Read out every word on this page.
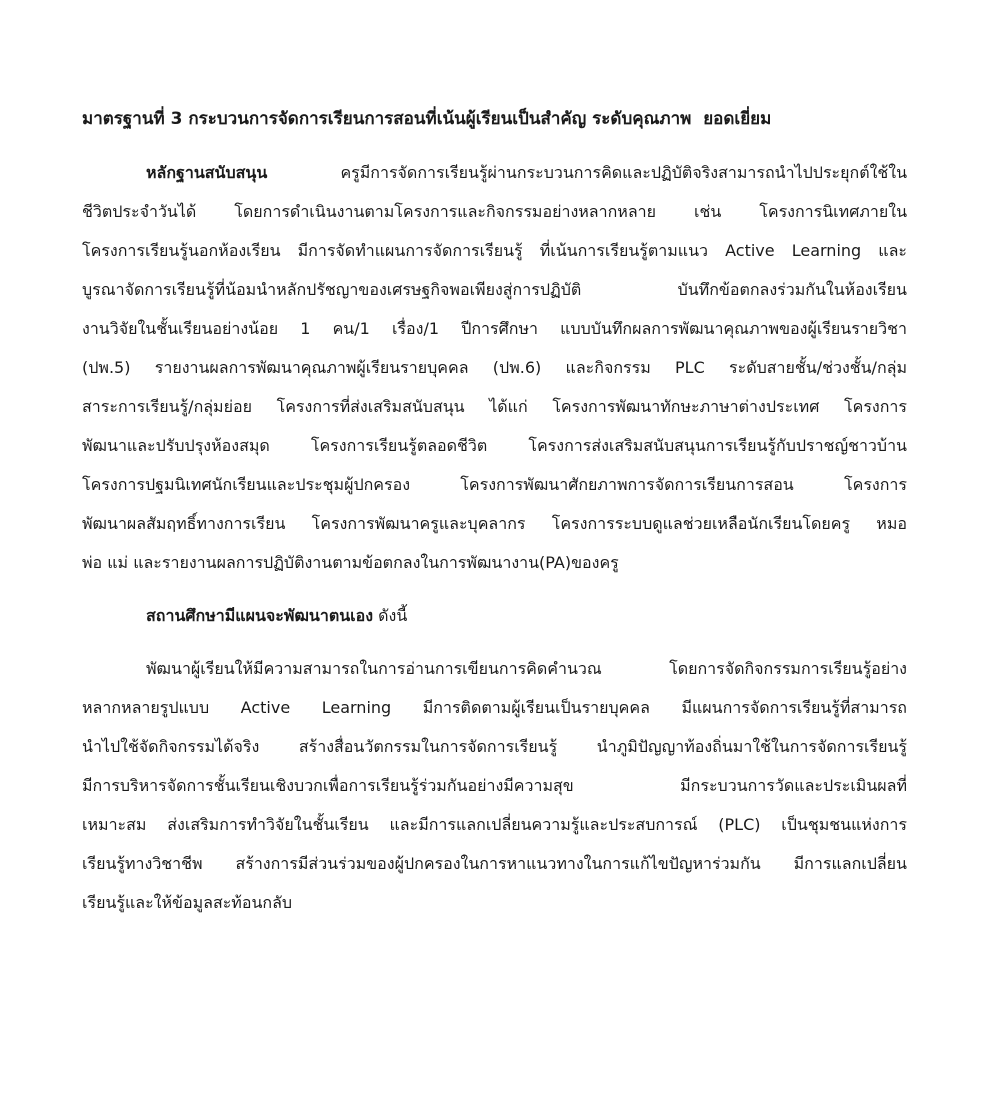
มาตรฐานที่ 3 กระบวนการจัดการเรียนการสอนที่เน้นผู้เรียนเป็นสำคัญ ระดับคุณภาพ ยอดเยี่ยม
หลักฐานสนับสนุน	ครูมีการจัดการเรียนรู้ผ่านกระบวนการคิดและปฏิบัติจริงสามารถนำไปประยุกต์ใช้ใน
ชีวิตประจำวันได้ โดยการดำเนินงานตามโครงการและกิจกรรมอย่างหลากหลาย เช่น โครงการนิเทศภายใน
โครงการเรียนรู้นอกห้องเรียน มีการจัดทำแผนการจัดการเรียนรู้ ที่เน้นการเรียนรู้ตามแนว Active Learning และ
บูรณาจัดการเรียนรู้ที่น้อมนำหลักปรัชญาของเศรษฐกิจพอเพียงสู่การปฏิบัติ บันทึกข้อตกลงร่วมกันในห้องเรียน
งานวิจัยในชั้นเรียนอย่างน้อย 1 คน/1 เรื่อง/1 ปีการศึกษา แบบบันทึกผลการพัฒนาคุณภาพของผู้เรียนรายวิชา
(ปพ.5) รายงานผลการพัฒนาคุณภาพผู้เรียนรายบุคคล (ปพ.6) และกิจกรรม PLC ระดับสายชั้น/ช่วงชั้น/กลุ่ม
สาระการเรียนรู้/กลุ่มย่อย โครงการที่ส่งเสริมสนับสนุน ได้แก่ โครงการพัฒนาทักษะภาษาต่างประเทศ โครงการ
พัฒนาและปรับปรุงห้องสมุด โครงการเรียนรู้ตลอดชีวิต โครงการส่งเสริมสนับสนุนการเรียนรู้กับปราชญ์ชาวบ้าน
โครงการปฐมนิเทศนักเรียนและประชุมผู้ปกครอง โครงการพัฒนาศักยภาพการจัดการเรียนการสอน โครงการ
พัฒนาผลสัมฤทธิ์ทางการเรียน โครงการพัฒนาครูและบุคลากร โครงการระบบดูแลช่วยเหลือนักเรียนโดยครู หมอ
พ่อ แม่ และรายงานผลการปฏิบัติงานตามข้อตกลงในการพัฒนางาน(PA)ของครู
สถานศึกษามีแผนจะพัฒนาตนเอง ดังนี้
พัฒนาผู้เรียนให้มีความสามารถในการอ่านการเขียนการคิดคำนวณ โดยการจัดกิจกรรมการเรียนรู้อย่าง
หลากหลายรูปแบบ Active Learning มีการติดตามผู้เรียนเป็นรายบุคคล มีแผนการจัดการเรียนรู้ที่สามารถ
นำไปใช้จัดกิจกรรมได้จริง สร้างสื่อนวัตกรรมในการจัดการเรียนรู้ นำภูมิปัญญาท้องถิ่นมาใช้ในการจัดการเรียนรู้
มีการบริหารจัดการชั้นเรียนเชิงบวกเพื่อการเรียนรู้ร่วมกันอย่างมีความสุข มีกระบวนการวัดและประเมินผลที่
เหมาะสม ส่งเสริมการทำวิจัยในชั้นเรียน และมีการแลกเปลี่ยนความรู้และประสบการณ์ (PLC) เป็นชุมชนแห่งการ
เรียนรู้ทางวิชาชีพ สร้างการมีส่วนร่วมของผู้ปกครองในการหาแนวทางในการแก้ไขปัญหาร่วมกัน มีการแลกเปลี่ยน
เรียนรู้และให้ข้อมูลสะท้อนกลับ
